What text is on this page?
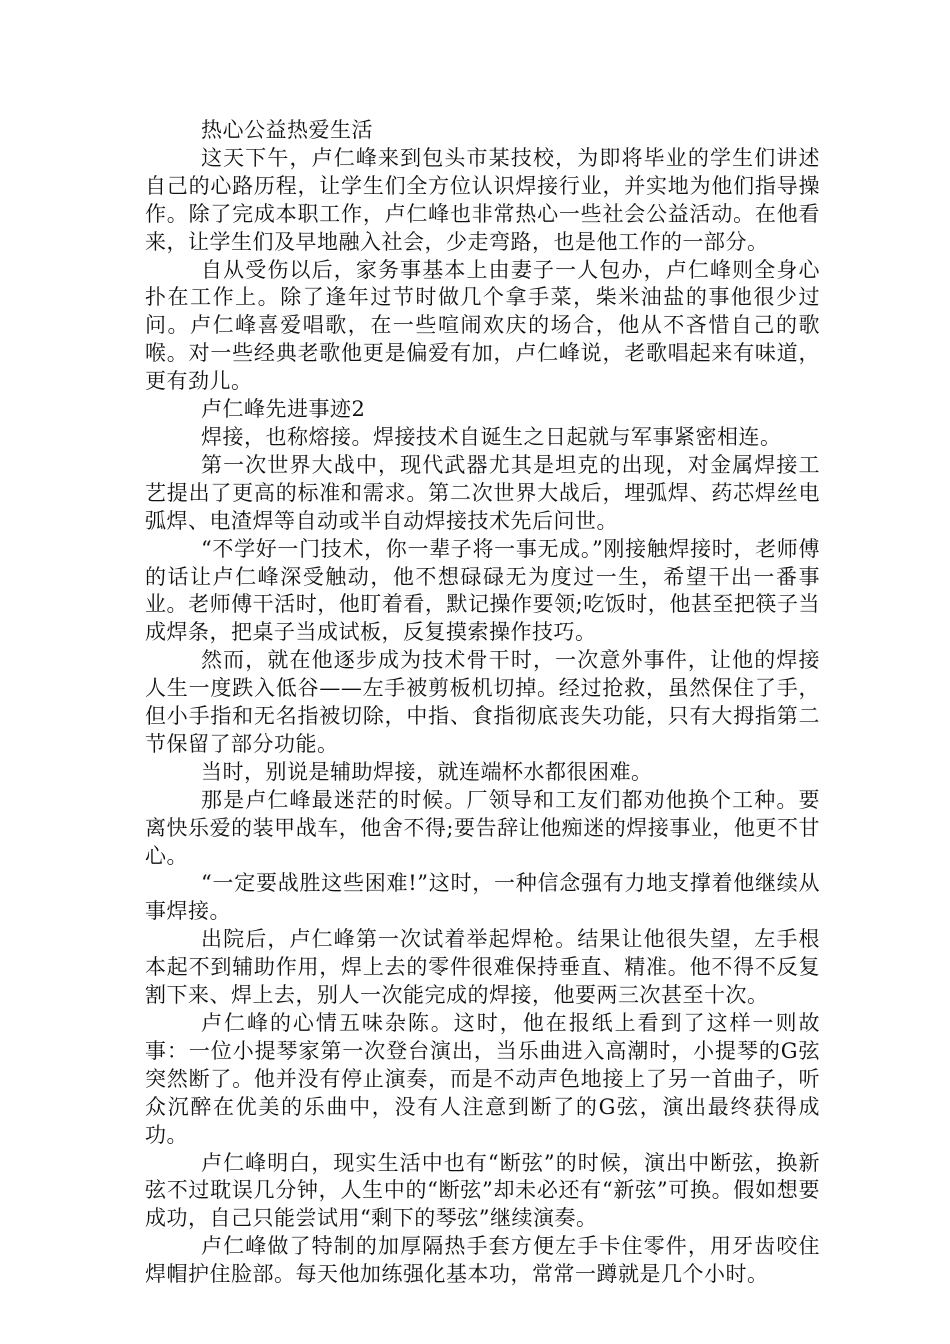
热心公益热爱生活

这天下午，卢仁峰来到包头市某技校，为即将毕业的学生们讲述自己的心路历程，让学生们全方位认识焊接行业，并实地为他们指导操作。除了完成本职工作，卢仁峰也非常热心一些社会公益活动。在他看来，让学生们及早地融入社会，少走弯路，也是他工作的一部分。

自从受伤以后，家务事基本上由妻子一人包办，卢仁峰则全身心扑在工作上。除了逢年过节时做几个拿手菜，柴米油盐的事他很少过问。卢仁峰喜爱唱歌，在一些喧闹欢庆的场合，他从不吝惜自己的歌喉。对一些经典老歌他更是偏爱有加，卢仁峰说，老歌唱起来有味道，更有劲儿。

卢仁峰先进事迹2

焊接，也称熔接。焊接技术自诞生之日起就与军事紧密相连。

第一次世界大战中，现代武器尤其是坦克的出现，对金属焊接工艺提出了更高的标准和需求。第二次世界大战后，埋弧焊、药芯焊丝电弧焊、电渣焊等自动或半自动焊接技术先后问世。

“不学好一门技术，你一辈子将一事无成。”刚接触焊接时，老师傅的话让卢仁峰深受触动，他不想碌碌无为度过一生，希望干出一番事业。老师傅干活时，他盯着看，默记操作要领;吃饭时，他甚至把筷子当成焊条，把桌子当成试板，反复摸索操作技巧。

然而，就在他逐步成为技术骨干时，一次意外事件，让他的焊接人生一度跌入低谷——左手被剪板机切掉。经过抢救，虽然保住了手，但小手指和无名指被切除，中指、食指彻底丧失功能，只有大拇指第二节保留了部分功能。

当时，别说是辅助焊接，就连端杯水都很困难。

那是卢仁峰最迷茫的时候。厂领导和工友们都劝他换个工种。要离快乐爱的装甲战车，他舍不得;要告辞让他痴迷的焊接事业，他更不甘心。

“一定要战胜这些困难!”这时，一种信念强有力地支撑着他继续从事焊接。

出院后，卢仁峰第一次试着举起焊枪。结果让他很失望，左手根本起不到辅助作用，焊上去的零件很难保持垂直、精准。他不得不反复割下来、焊上去，别人一次能完成的焊接，他要两三次甚至十次。

卢仁峰的心情五味杂陈。这时，他在报纸上看到了这样一则故事：一位小提琴家第一次登台演出，当乐曲进入高潮时，小提琴的G弦突然断了。他并没有停止演奏，而是不动声色地接上了另一首曲子，听众沉醉在优美的乐曲中，没有人注意到断了的G弦，演出最终获得成功。

卢仁峰明白，现实生活中也有“断弦”的时候，演出中断弦，换新弦不过耽误几分钟，人生中的“断弦”却未必还有“新弦”可换。假如想要成功，自己只能尝试用“剩下的琴弦”继续演奏。

卢仁峰做了特制的加厚隔热手套方便左手卡住零件，用牙齿咬住焊帽护住脸部。每天他加练强化基本功，常常一蹲就是几个小时。
